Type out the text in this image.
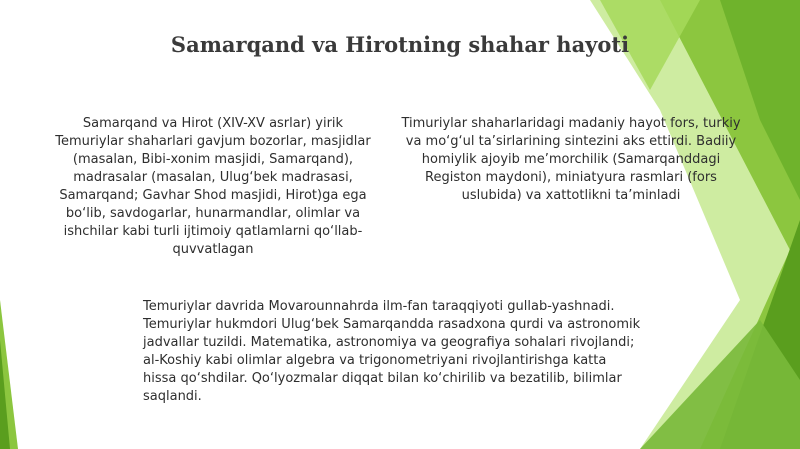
Samarqand va Hirotning shahar hayoti

Samarqand va Hirot (XIV-XV asrlar) yirik Temuriylar shaharlari gavjum bozorlar, masjidlar (masalan, Bibi-xonim masjidi, Samarqand), madrasalar (masalan, Ulug‘bek madrasasi, Samarqand; Gavhar Shod masjidi, Hirot)ga ega bo‘lib, savdogarlar, hunarmandlar, olimlar va ishchilar kabi turli ijtimoiy qatlamlarni qo‘llab-quvvatlagan

Timuriylar shaharlaridagi madaniy hayot fors, turkiy va mo‘g‘ul ta’sirlarining sintezini aks ettirdi. Badiiy homiylik ajoyib me’morchilik (Samarqanddagi Registon maydoni), miniatyura rasmlari (fors uslubida) va xattotlikni ta’minladi

Temuriylar davrida Movarounnahrda ilm-fan taraqqiyoti gullab-yashnadi. Temuriylar hukmdori Ulug‘bek Samarqandda rasadxona qurdi va astronomik jadvallar tuzildi. Matematika, astronomiya va geografiya sohalari rivojlandi; al-Koshiy kabi olimlar algebra va trigonometriyani rivojlantirishga katta hissa qo‘shdilar. Qo‘lyozmalar diqqat bilan ko‘chirilib va bezatilib, bilimlar saqlandi.
